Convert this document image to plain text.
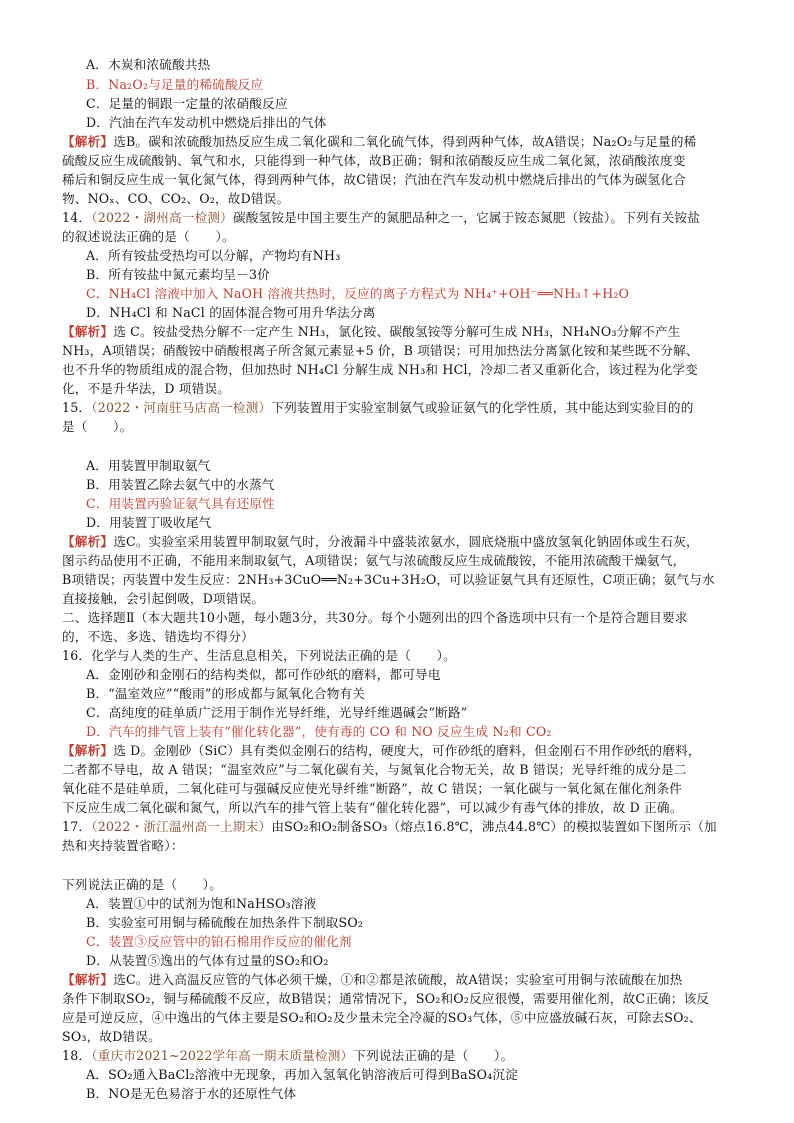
A．木炭和浓硫酸共热
B．Na₂O₂与足量的稀硫酸反应
C．足量的铜跟一定量的浓硝酸反应
D．汽油在汽车发动机中燃烧后排出的气体
【解析】选B。碳和浓硫酸加热反应生成二氧化碳和二氧化硫气体，得到两种气体，故A错误；Na₂O₂与足量的稀
硫酸反应生成硫酸钠、氧气和水，只能得到一种气体，故B正确；铜和浓硝酸反应生成二氧化氮，浓硝酸浓度变
稀后和铜反应生成一氧化氮气体，得到两种气体，故C错误；汽油在汽车发动机中燃烧后排出的气体为碳氢化合
物、NOₓ、CO、CO₂、O₂，故D错误。
14．（2022・湖州高一检测）碳酸氢铵是中国主要生产的氮肥品种之一，它属于铵态氮肥（铵盐）。下列有关铵盐
的叙述说法正确的是（　　）。
A．所有铵盐受热均可以分解，产物均有NH₃
B．所有铵盐中氮元素均呈－3价
C．NH₄Cl 溶液中加入 NaOH 溶液共热时，反应的离子方程式为 NH₄⁺+OH⁻══NH₃↑+H₂O
D．NH₄Cl 和 NaCl 的固体混合物可用升华法分离
【解析】选 C。铵盐受热分解不一定产生 NH₃，氯化铵、碳酸氢铵等分解可生成 NH₃，NH₄NO₃分解不产生
NH₃，A项错误；硝酸铵中硝酸根离子所含氮元素显+5 价，B 项错误；可用加热法分离氯化铵和某些既不分解、
也不升华的物质组成的混合物，但加热时 NH₄Cl 分解生成 NH₃和 HCl，冷却二者又重新化合，该过程为化学变
化，不是升华法，D 项错误。
15．（2022・河南驻马店高一检测）下列装置用于实验室制氨气或验证氨气的化学性质，其中能达到实验目的的
是（　　）。
A．用装置甲制取氨气
B．用装置乙除去氨气中的水蒸气
C．用装置丙验证氨气具有还原性
D．用装置丁吸收尾气
【解析】选C。实验室采用装置甲制取氨气时，分液漏斗中盛装浓氨水，圆底烧瓶中盛放氢氧化钠固体或生石灰，
图示药品使用不正确，不能用来制取氨气，A项错误；氨气与浓硫酸反应生成硫酸铵，不能用浓硫酸干燥氨气，
B项错误；丙装置中发生反应：2NH₃+3CuO══N₂+3Cu+3H₂O，可以验证氨气具有还原性，C项正确；氨气与水
直接接触，会引起倒吸，D项错误。
二、选择题Ⅱ（本大题共10小题，每小题3分，共30分。每个小题列出的四个备选项中只有一个是符合题目要求
的，不选、多选、错选均不得分）
16．化学与人类的生产、生活息息相关，下列说法正确的是（　　）。
A．金刚砂和金刚石的结构类似，都可作砂纸的磨料，都可导电
B．“温室效应”“酸雨”的形成都与氮氧化合物有关
C．高纯度的硅单质广泛用于制作光导纤维，光导纤维遇碱会“断路”
D．汽车的排气管上装有“催化转化器”，使有毒的 CO 和 NO 反应生成 N₂和 CO₂
【解析】选 D。金刚砂（SiC）具有类似金刚石的结构，硬度大，可作砂纸的磨料，但金刚石不用作砂纸的磨料，
二者都不导电，故 A 错误；“温室效应”与二氧化碳有关，与氮氧化合物无关，故 B 错误；光导纤维的成分是二
氧化硅不是硅单质，二氧化硅可与强碱反应使光导纤维“断路”，故 C 错误；一氧化碳与一氧化氮在催化剂条件
下反应生成二氧化碳和氮气，所以汽车的排气管上装有“催化转化器”，可以减少有毒气体的排放，故 D 正确。
17．（2022・浙江温州高一上期末）由SO₂和O₂制备SO₃（熔点16.8℃，沸点44.8℃）的模拟装置如下图所示（加
热和夹持装置省略）：
下列说法正确的是（　　）。
A．装置①中的试剂为饱和NaHSO₃溶液
B．实验室可用铜与稀硫酸在加热条件下制取SO₂
C．装置③反应管中的铂石棉用作反应的催化剂
D．从装置⑤逸出的气体有过量的SO₂和O₂
【解析】选C。进入高温反应管的气体必须干燥，①和②都是浓硫酸，故A错误；实验室可用铜与浓硫酸在加热
条件下制取SO₂，铜与稀硫酸不反应，故B错误；通常情况下，SO₂和O₂反应很慢，需要用催化剂，故C正确；该反
应是可逆反应，④中逸出的气体主要是SO₂和O₂及少量未完全冷凝的SO₃气体，⑤中应盛放碱石灰，可除去SO₂、
SO₃，故D错误。
18．（重庆市2021~2022学年高一期末质量检测）下列说法正确的是（　　）。
A．SO₂通入BaCl₂溶液中无现象，再加入氢氧化钠溶液后可得到BaSO₄沉淀
B．NO是无色易溶于水的还原性气体
